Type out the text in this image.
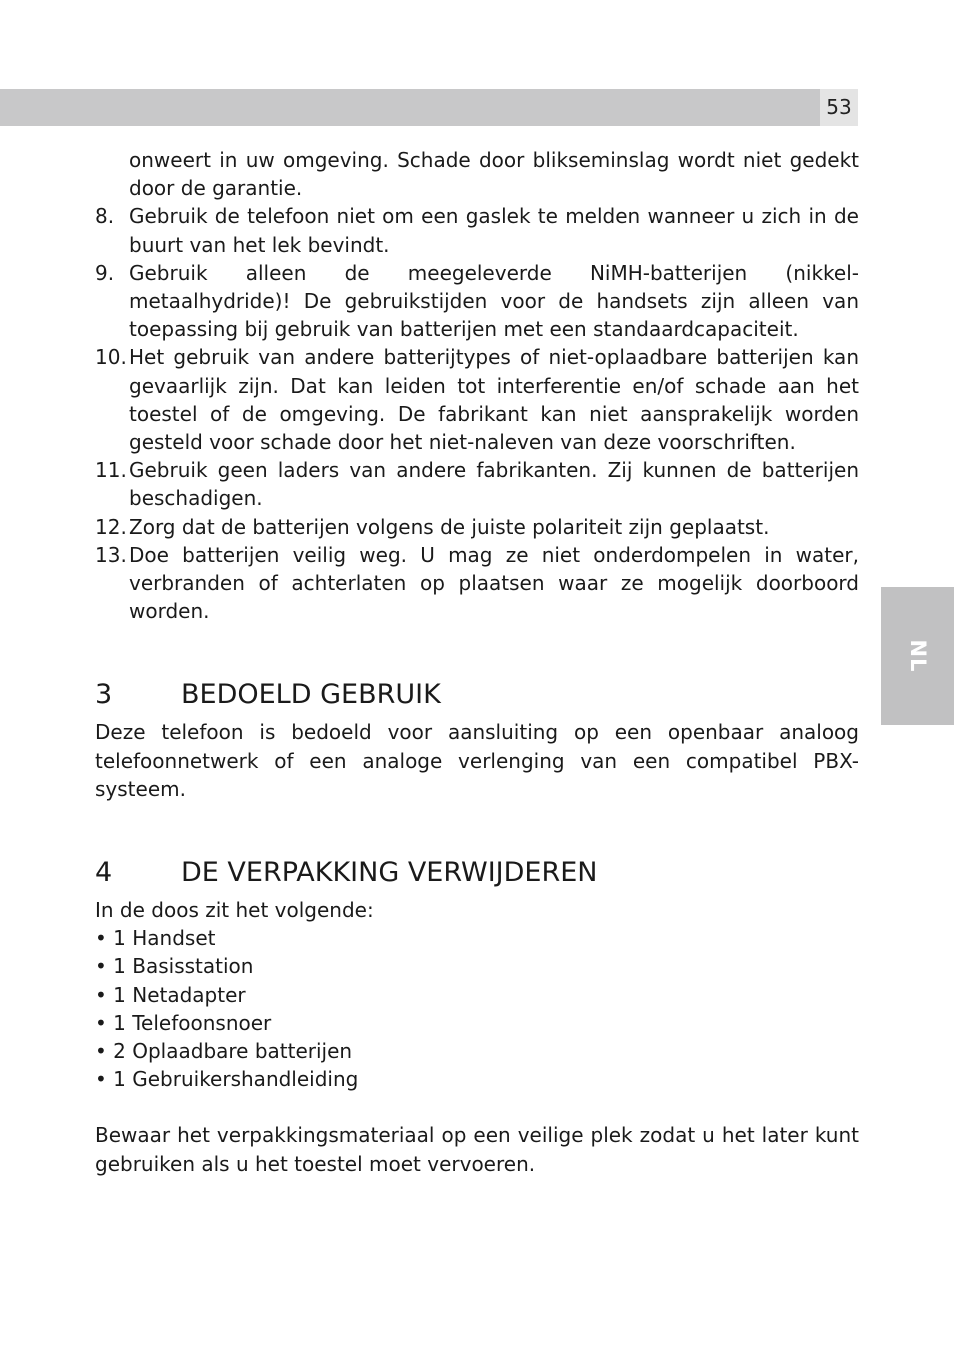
53
NL
onweert in uw omgeving. Schade door blikseminslag wordt niet gedekt door de garantie.
8. Gebruik de telefoon niet om een gaslek te melden wanneer u zich in de buurt van het lek bevindt.
9. Gebruik alleen de meegeleverde NiMH-batterijen (nikkel-metaalhydride)! De gebruikstijden voor de handsets zijn alleen van toepassing bij gebruik van batterijen met een standaardcapaciteit.
10. Het gebruik van andere batterijtypes of niet-oplaadbare batterijen kan gevaarlijk zijn. Dat kan leiden tot interferentie en/of schade aan het toestel of de omgeving. De fabrikant kan niet aansprakelijk worden gesteld voor schade door het niet-naleven van deze voorschriften.
11. Gebruik geen laders van andere fabrikanten. Zij kunnen de batterijen beschadigen.
12. Zorg dat de batterijen volgens de juiste polariteit zijn geplaatst.
13. Doe batterijen veilig weg. U mag ze niet onderdompelen in water, verbranden of achterlaten op plaatsen waar ze mogelijk doorboord worden.
3	BEDOELD GEBRUIK

Deze telefoon is bedoeld voor aansluiting op een openbaar analoog telefoonnetwerk of een analoge verlenging van een compatibel PBX-systeem.

4	DE VERPAKKING VERWIJDEREN

In de doos zit het volgende:

• 1 Handset

• 1 Basisstation

• 1 Netadapter

• 1 Telefoonsnoer

• 2 Oplaadbare batterijen

• 1 Gebruikershandleiding

Bewaar het verpakkingsmateriaal op een veilige plek zodat u het later kunt gebruiken als u het toestel moet vervoeren.
